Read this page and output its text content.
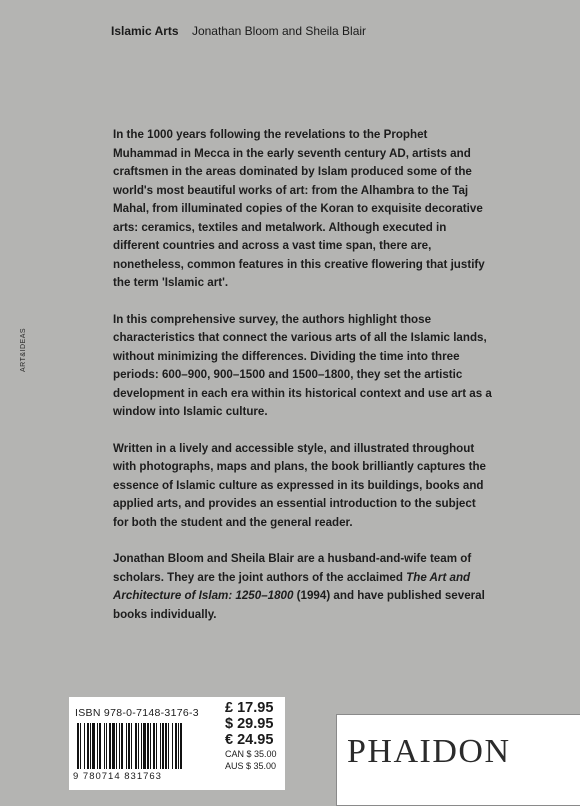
Islamic Arts Jonathan Bloom and Sheila Blair
ART&IDEAS

In the 1000 years following the revelations to the Prophet Muhammad in Mecca in the early seventh century AD, artists and craftsmen in the areas dominated by Islam produced some of the world's most beautiful works of art: from the Alhambra to the Taj Mahal, from illuminated copies of the Koran to exquisite decorative arts: ceramics, textiles and metalwork. Although executed in different countries and across a vast time span, there are, nonetheless, common features in this creative flowering that justify the term 'Islamic art'.

In this comprehensive survey, the authors highlight those characteristics that connect the various arts of all the Islamic lands, without minimizing the differences. Dividing the time into three periods: 600–900, 900–1500 and 1500–1800, they set the artistic development in each era within its historical context and use art as a window into Islamic culture.

Written in a lively and accessible style, and illustrated throughout with photographs, maps and plans, the book brilliantly captures the essence of Islamic culture as expressed in its buildings, books and applied arts, and provides an essential introduction to the subject for both the student and the general reader.

Jonathan Bloom and Sheila Blair are a husband-and-wife team of scholars. They are the joint authors of the acclaimed The Art and Architecture of Islam: 1250–1800 (1994) and have published several books individually.

ISBN 978-0-7148-3176-3
9 780714 831763
£ 17.95
$ 29.95
€ 24.95
CAN $ 35.00
AUS $ 35.00 PHAIDON
